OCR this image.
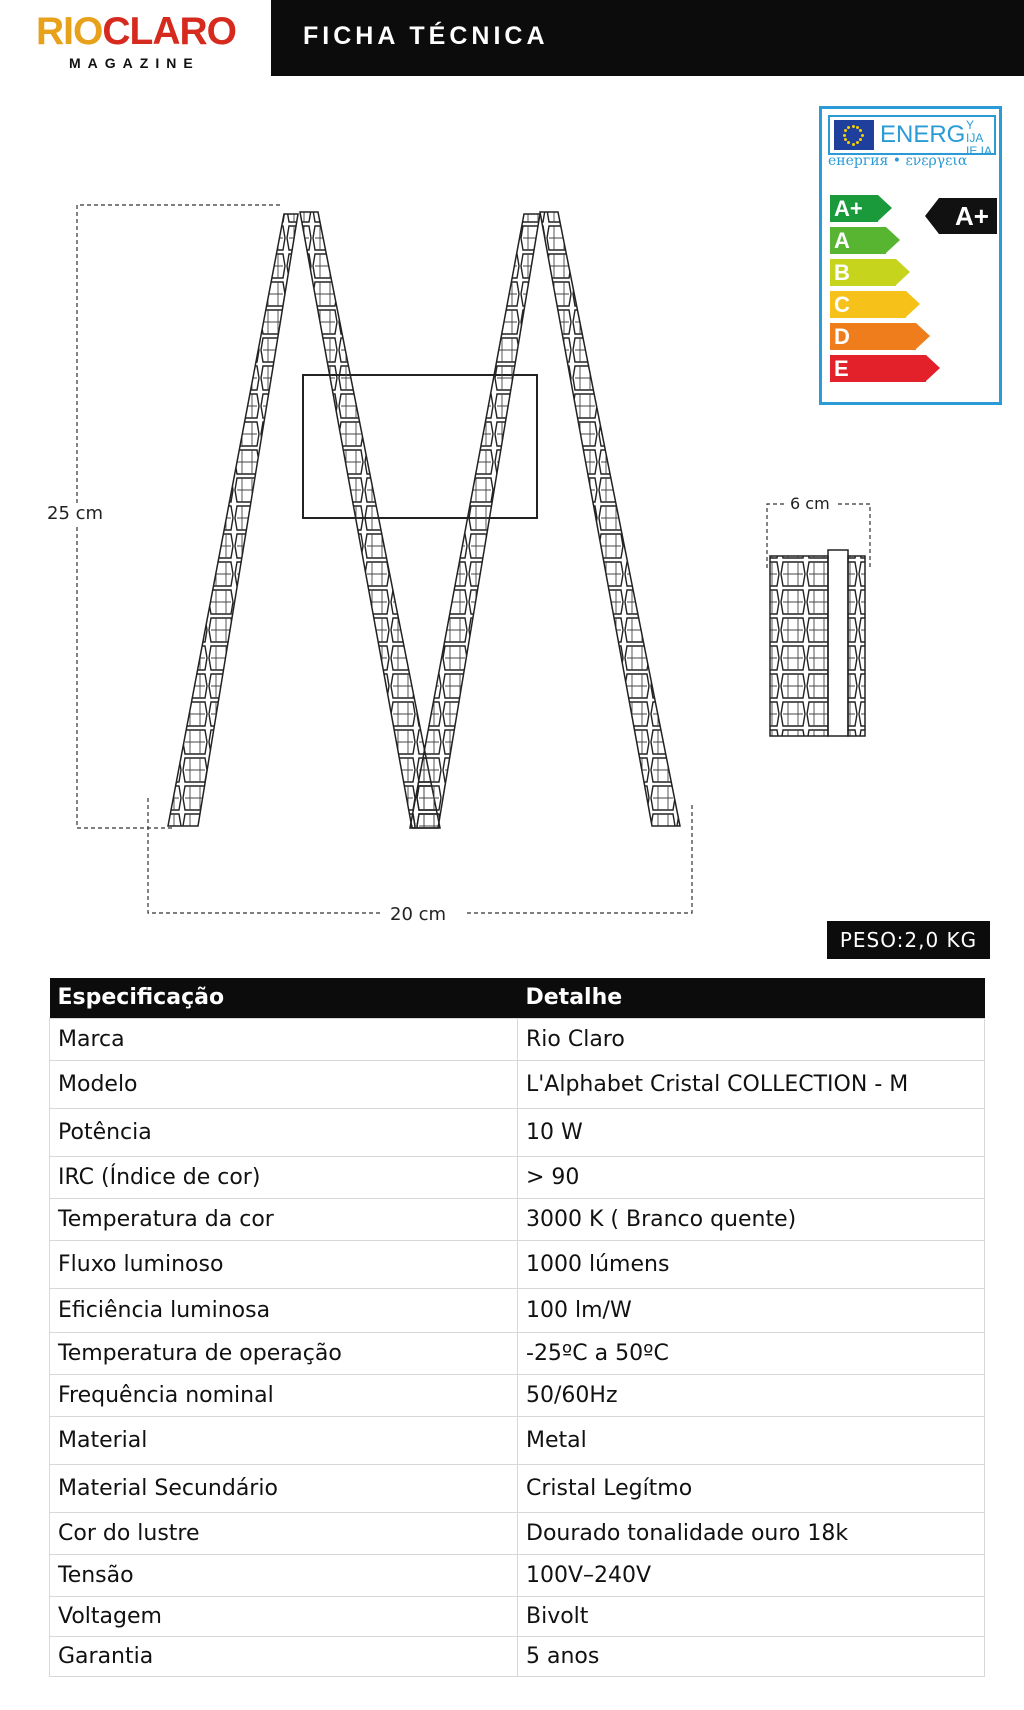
RIOCLARO
MAGAZINE
FICHA TÉCNICA
ENERG Y IJA
IE IA
енергия • ενεργεια
A+
A
B
C
D
E
A+
25 cm
20 cm
6 cm
PESO:2,0 KG
Especificação	Detalhe
Marca	Rio Claro
Modelo	L'Alphabet Cristal COLLECTION - M
Potência	10 W
IRC (Índice de cor)	> 90
Temperatura da cor	3000 K ( Branco quente)
Fluxo luminoso	1000 lúmens
Eficiência luminosa	100 lm/W
Temperatura de operação	-25ºC a 50ºC
Frequência nominal	50/60Hz
Material	Metal
Material Secundário	Cristal Legítmo
Cor do lustre	Dourado tonalidade ouro 18k
Tensão	100V–240V
Voltagem	Bivolt
Garantia	5 anos
